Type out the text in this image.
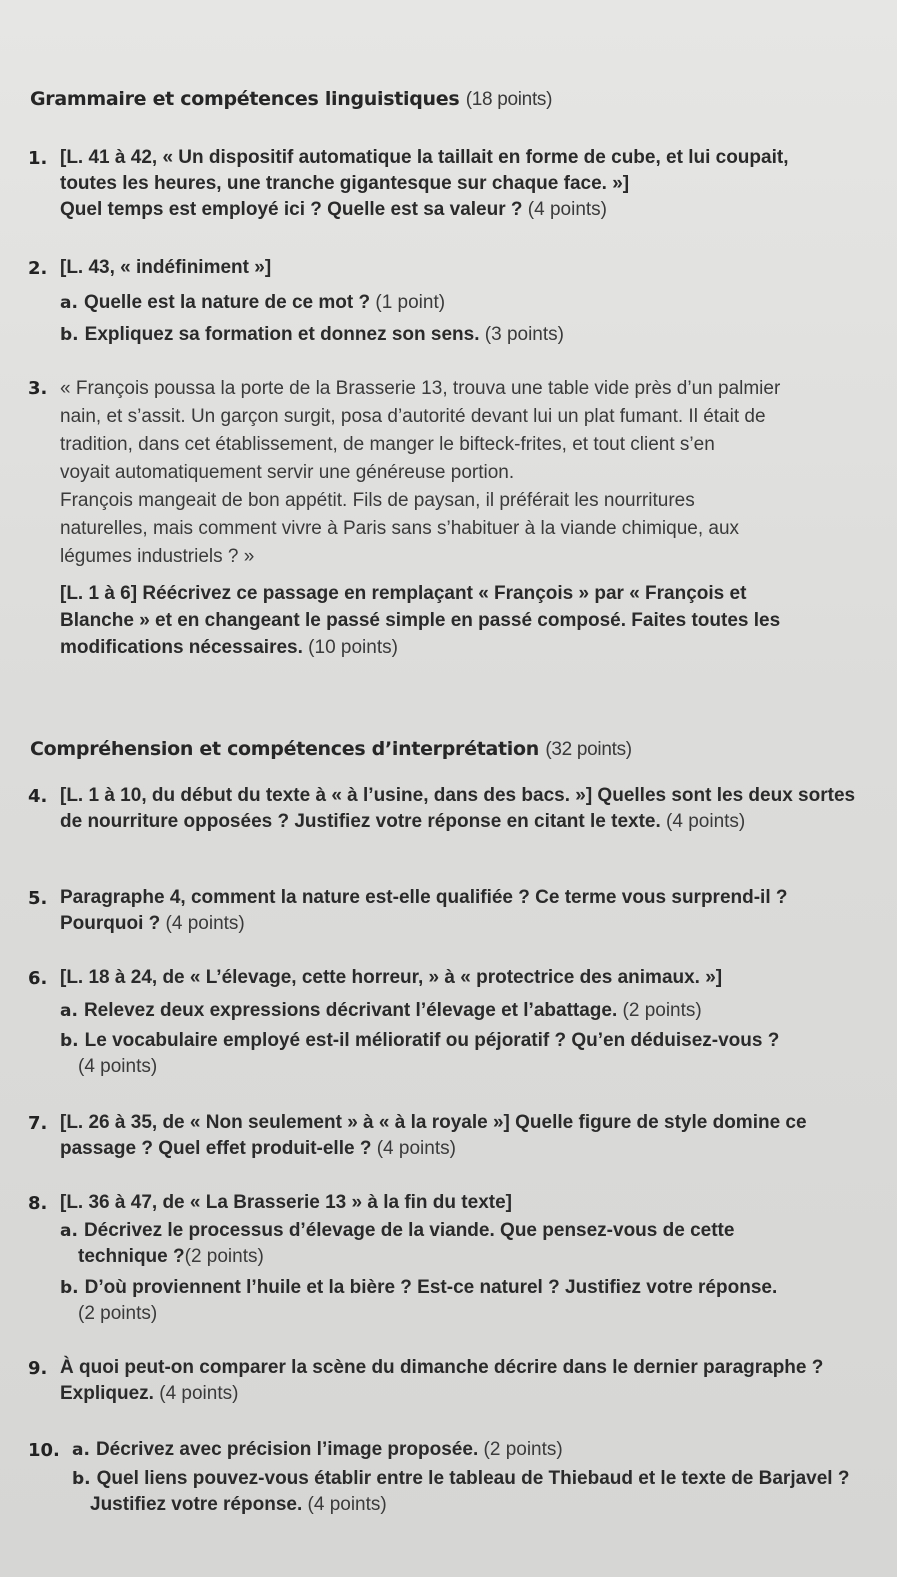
Grammaire et compétences linguistiques (18 points)
1. [L. 41 à 42, « Un dispositif automatique la taillait en forme de cube, et lui coupait,
toutes les heures, une tranche gigantesque sur chaque face. »]
Quel temps est employé ici ? Quelle est sa valeur ? (4 points)
2. [L. 43, « indéfiniment »]
a. Quelle est la nature de ce mot ? (1 point)
b. Expliquez sa formation et donnez son sens. (3 points)
3. « François poussa la porte de la Brasserie 13, trouva une table vide près d’un palmier
nain, et s’assit. Un garçon surgit, posa d’autorité devant lui un plat fumant. Il était de
tradition, dans cet établissement, de manger le bifteck-frites, et tout client s’en
voyait automatiquement servir une généreuse portion.
François mangeait de bon appétit. Fils de paysan, il préférait les nourritures
naturelles, mais comment vivre à Paris sans s’habituer à la viande chimique, aux
légumes industriels ? »
[L. 1 à 6] Réécrivez ce passage en remplaçant « François » par « François et
Blanche » et en changeant le passé simple en passé composé. Faites toutes les
modifications nécessaires. (10 points)
Compréhension et compétences d’interprétation (32 points)
4. [L. 1 à 10, du début du texte à « à l’usine, dans des bacs. »] Quelles sont les deux sortes
de nourriture opposées ? Justifiez votre réponse en citant le texte. (4 points)
5. Paragraphe 4, comment la nature est-elle qualifiée ? Ce terme vous surprend-il ?
Pourquoi ? (4 points)
6. [L. 18 à 24, de « L’élevage, cette horreur, » à « protectrice des animaux. »]
a. Relevez deux expressions décrivant l’élevage et l’abattage. (2 points)
b. Le vocabulaire employé est-il mélioratif ou péjoratif ? Qu’en déduisez-vous ?
(4 points)
7. [L. 26 à 35, de « Non seulement » à « à la royale »] Quelle figure de style domine ce
passage ? Quel effet produit-elle ? (4 points)
8. [L. 36 à 47, de « La Brasserie 13 » à la fin du texte]
a. Décrivez le processus d’élevage de la viande. Que pensez-vous de cette
technique ?(2 points)
b. D’où proviennent l’huile et la bière ? Est-ce naturel ? Justifiez votre réponse.
(2 points)
9. À quoi peut-on comparer la scène du dimanche décrire dans le dernier paragraphe ?
Expliquez. (4 points)
10. a. Décrivez avec précision l’image proposée. (2 points)
b. Quel liens pouvez-vous établir entre le tableau de Thiebaud et le texte de Barjavel ?
Justifiez votre réponse. (4 points)
